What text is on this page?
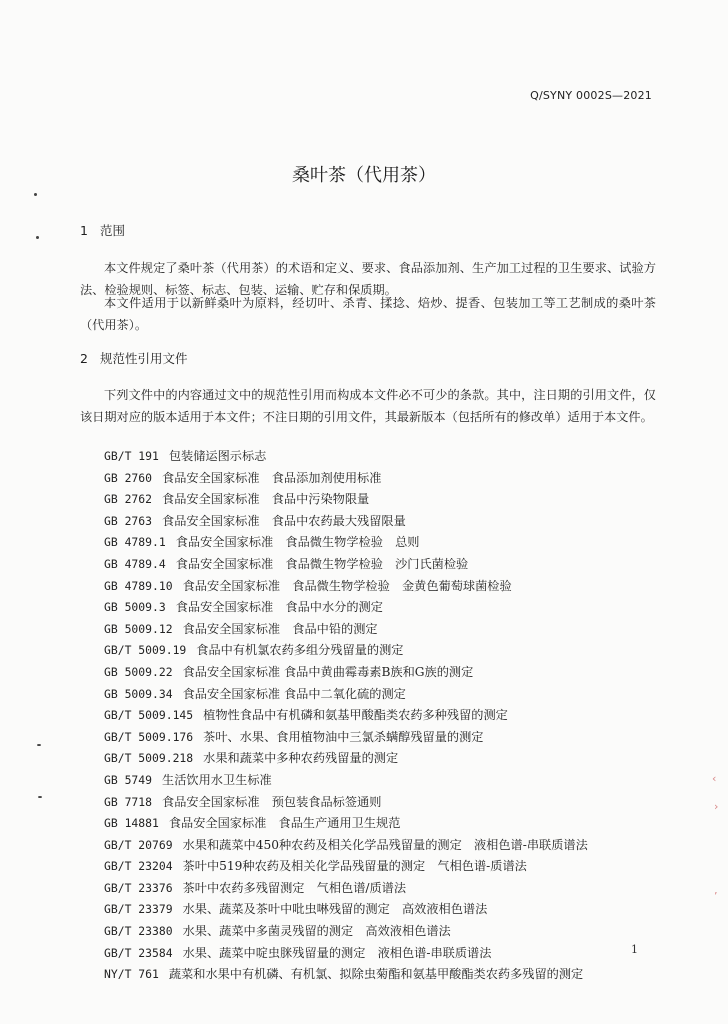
Q/SYNY 0002S—2021
桑叶茶（代用茶）
1 范围
本文件规定了桑叶茶（代用茶）的术语和定义、要求、食品添加剂、生产加工过程的卫生要求、试验方法、检验规则、标签、标志、包装、运输、贮存和保质期。
本文件适用于以新鲜桑叶为原料，经切叶、杀青、揉捻、焙炒、提香、包装加工等工艺制成的桑叶茶（代用茶）。
2 规范性引用文件
下列文件中的内容通过文中的规范性引用而构成本文件必不可少的条款。其中，注日期的引用文件，仅该日期对应的版本适用于本文件；不注日期的引用文件，其最新版本（包括所有的修改单）适用于本文件。
GB/T 191 包装储运图示标志
GB 2760 食品安全国家标准　食品添加剂使用标准
GB 2762 食品安全国家标准　食品中污染物限量
GB 2763 食品安全国家标准　食品中农药最大残留限量
GB 4789.1 食品安全国家标准　食品微生物学检验　总则
GB 4789.4 食品安全国家标准　食品微生物学检验　沙门氏菌检验
GB 4789.10 食品安全国家标准　食品微生物学检验　金黄色葡萄球菌检验
GB 5009.3 食品安全国家标准　食品中水分的测定
GB 5009.12 食品安全国家标准　食品中铅的测定
GB/T 5009.19 食品中有机氯农药多组分残留量的测定
GB 5009.22 食品安全国家标准 食品中黄曲霉毒素B族和G族的测定
GB 5009.34 食品安全国家标准 食品中二氧化硫的测定
GB/T 5009.145 植物性食品中有机磷和氨基甲酸酯类农药多种残留的测定
GB/T 5009.176 茶叶、水果、食用植物油中三氯杀螨醇残留量的测定
GB/T 5009.218 水果和蔬菜中多种农药残留量的测定
GB 5749 生活饮用水卫生标准
GB 7718 食品安全国家标准　预包装食品标签通则
GB 14881 食品安全国家标准　食品生产通用卫生规范
GB/T 20769 水果和蔬菜中450种农药及相关化学品残留量的测定　液相色谱-串联质谱法
GB/T 23204 茶叶中519种农药及相关化学品残留量的测定　气相色谱-质谱法
GB/T 23376 茶叶中农药多残留测定　气相色谱/质谱法
GB/T 23379 水果、蔬菜及茶叶中吡虫啉残留的测定　高效液相色谱法
GB/T 23380 水果、蔬菜中多菌灵残留的测定　高效液相色谱法
GB/T 23584 水果、蔬菜中啶虫脒残留量的测定　液相色谱-串联质谱法
NY/T 761 蔬菜和水果中有机磷、有机氯、拟除虫菊酯和氨基甲酸酯类农药多残留的测定
1
‹
›
’
